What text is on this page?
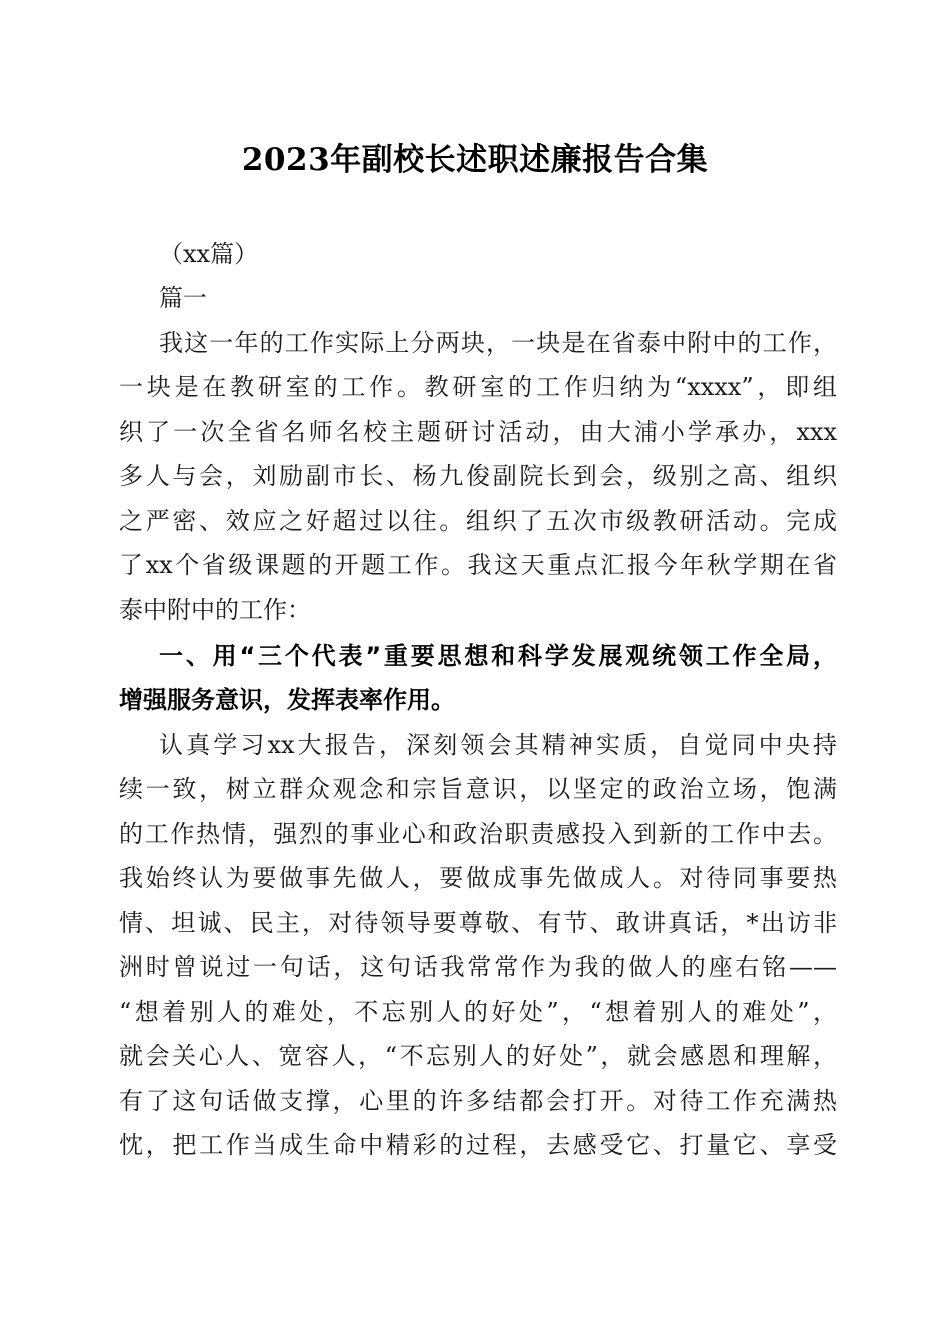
2023年副校长述职述廉报告合集
（xx篇）
篇一
我这一年的工作实际上分两块，一块是在省泰中附中的工作，
一块是在教研室的工作。教研室的工作归纳为“xxxx”，即组
织了一次全省名师名校主题研讨活动，由大浦小学承办，xxx
多人与会，刘励副市长、杨九俊副院长到会，级别之高、组织
之严密、效应之好超过以往。组织了五次市级教研活动。完成
了xx个省级课题的开题工作。我这天重点汇报今年秋学期在省
泰中附中的工作：
一、用“三个代表”重要思想和科学发展观统领工作全局，
增强服务意识，发挥表率作用。
认真学习xx大报告，深刻领会其精神实质，自觉同中央持
续一致，树立群众观念和宗旨意识，以坚定的政治立场，饱满
的工作热情，强烈的事业心和政治职责感投入到新的工作中去。
我始终认为要做事先做人，要做成事先做成人。对待同事要热
情、坦诚、民主，对待领导要尊敬、有节、敢讲真话，*出访非
洲时曾说过一句话，这句话我常常作为我的做人的座右铭——
“想着别人的难处，不忘别人的好处”，“想着别人的难处”，
就会关心人、宽容人，“不忘别人的好处”，就会感恩和理解，
有了这句话做支撑，心里的许多结都会打开。对待工作充满热
忱，把工作当成生命中精彩的过程，去感受它、打量它、享受
